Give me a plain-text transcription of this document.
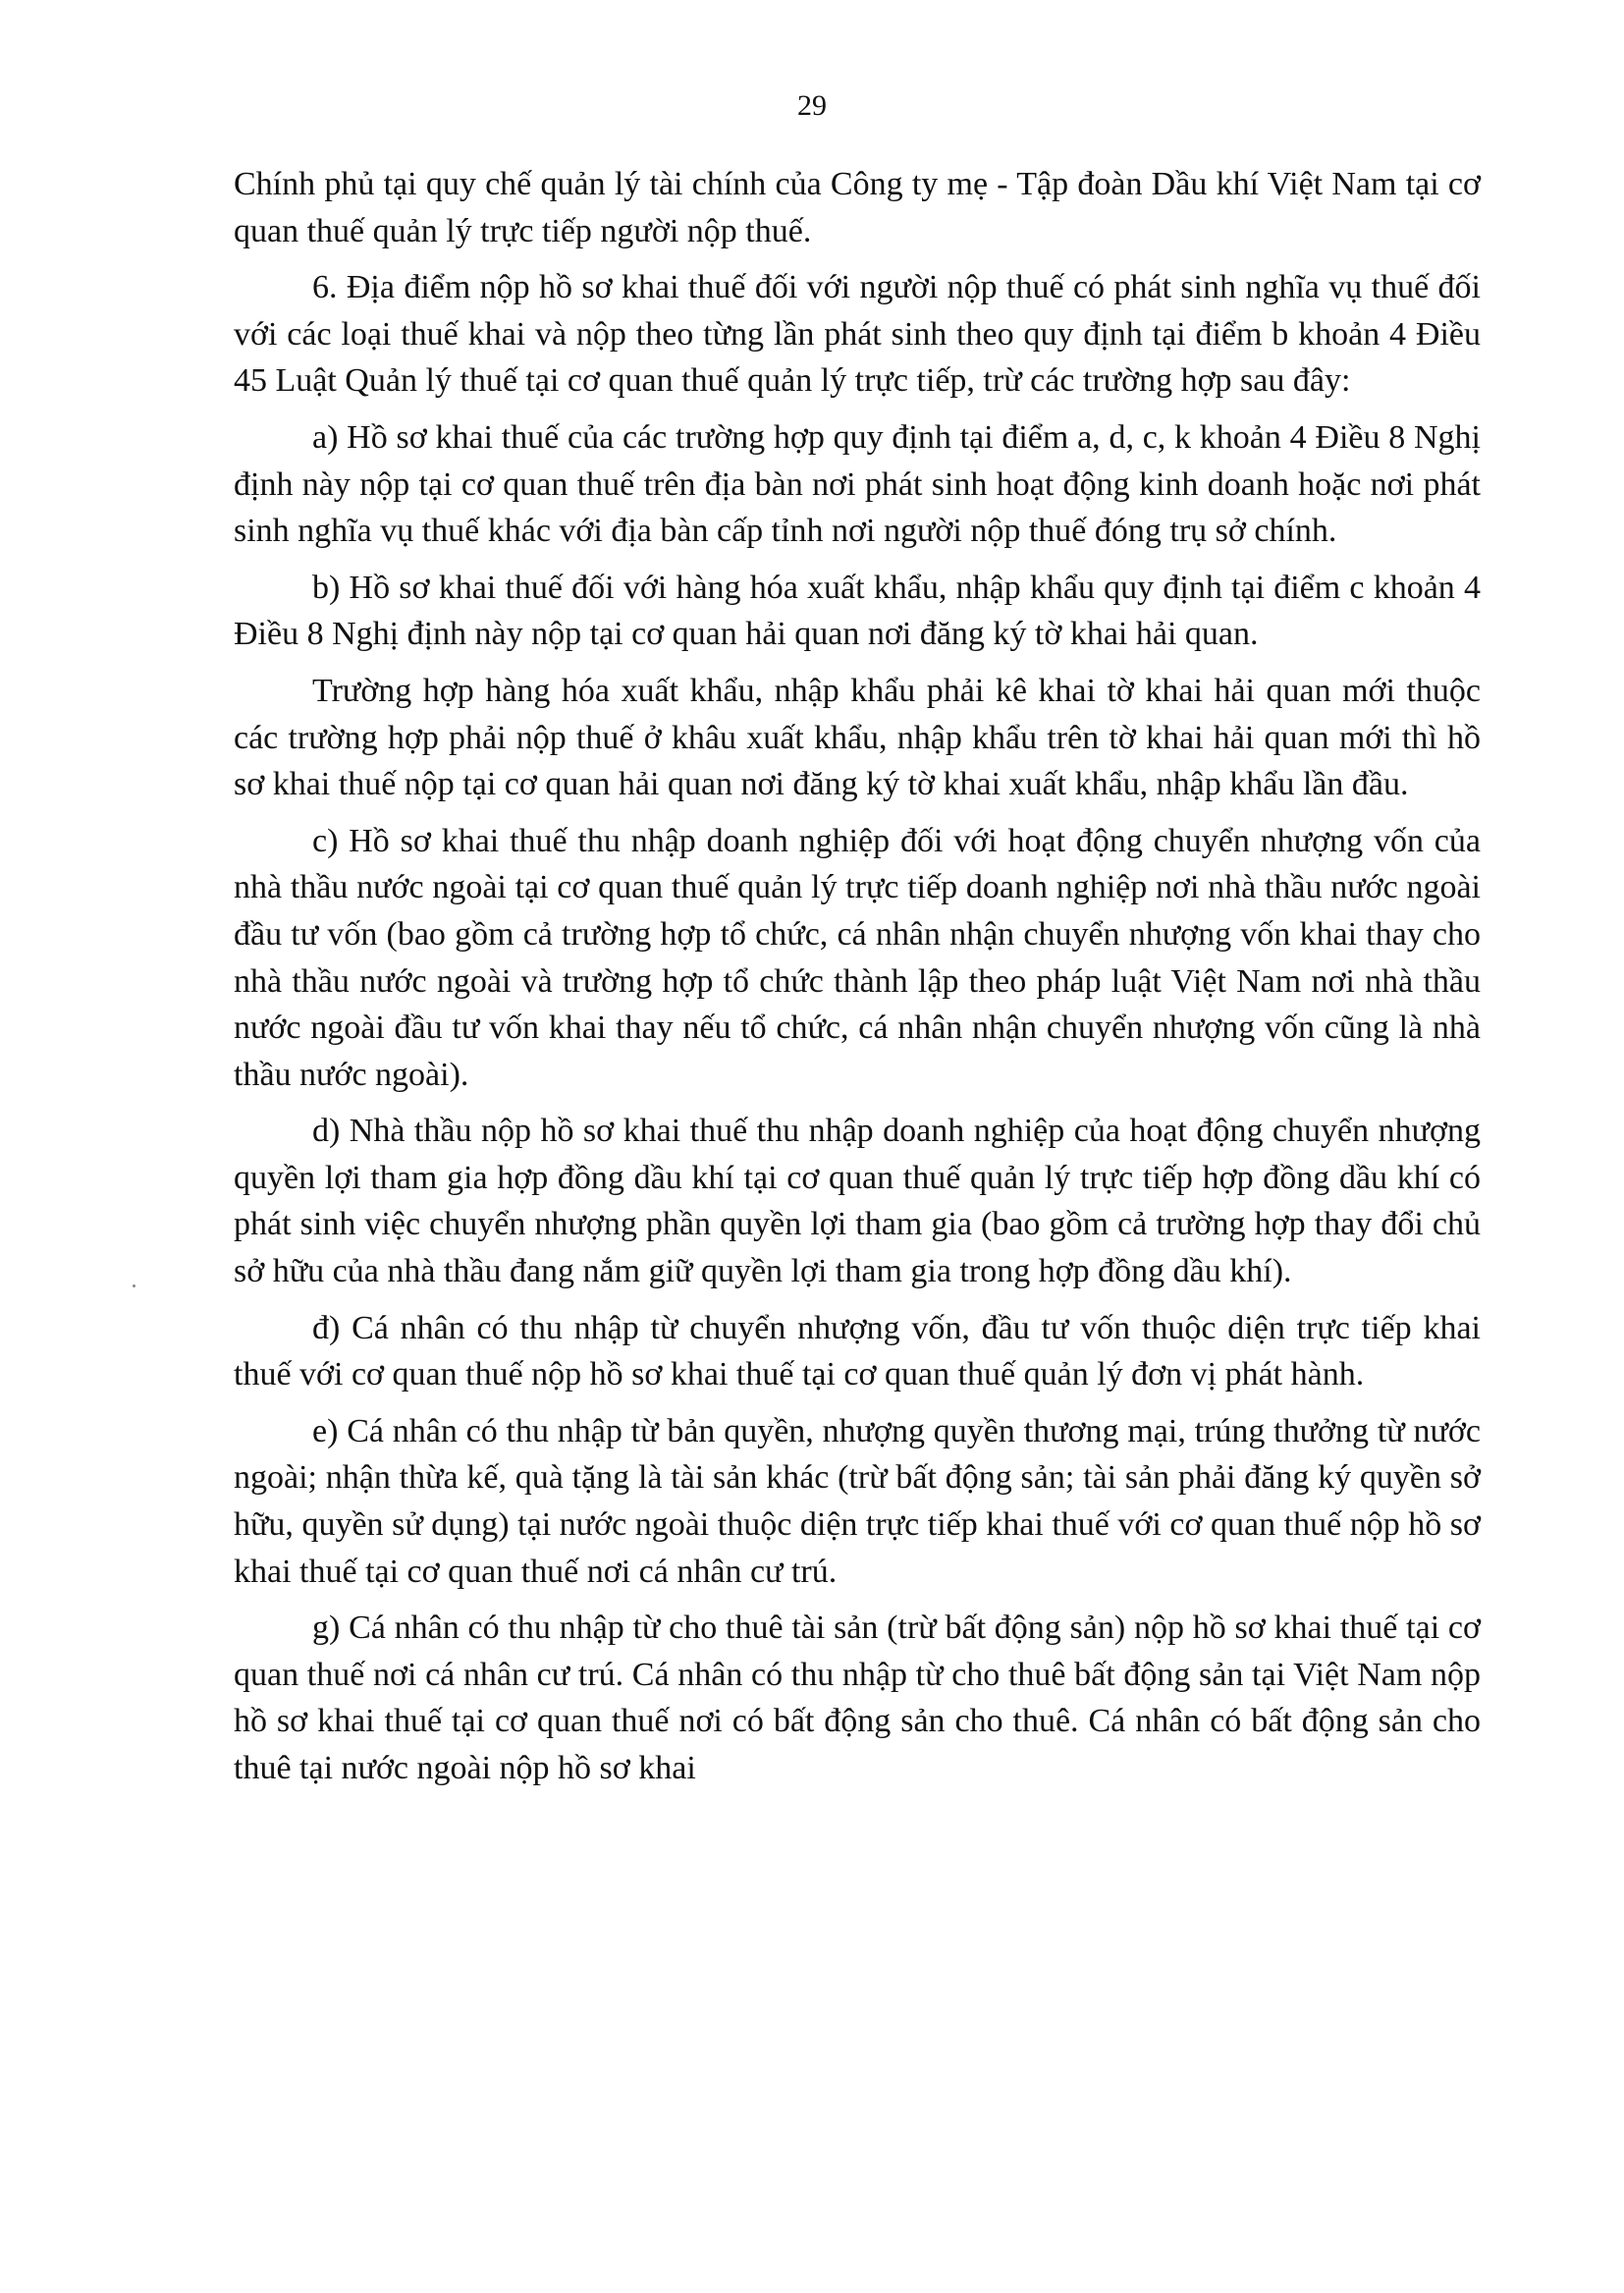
29

Chính phủ tại quy chế quản lý tài chính của Công ty mẹ - Tập đoàn Dầu khí Việt Nam tại cơ quan thuế quản lý trực tiếp người nộp thuế.

6. Địa điểm nộp hồ sơ khai thuế đối với người nộp thuế có phát sinh nghĩa vụ thuế đối với các loại thuế khai và nộp theo từng lần phát sinh theo quy định tại điểm b khoản 4 Điều 45 Luật Quản lý thuế tại cơ quan thuế quản lý trực tiếp, trừ các trường hợp sau đây:

a) Hồ sơ khai thuế của các trường hợp quy định tại điểm a, d, c, k khoản 4 Điều 8 Nghị định này nộp tại cơ quan thuế trên địa bàn nơi phát sinh hoạt động kinh doanh hoặc nơi phát sinh nghĩa vụ thuế khác với địa bàn cấp tỉnh nơi người nộp thuế đóng trụ sở chính.

b) Hồ sơ khai thuế đối với hàng hóa xuất khẩu, nhập khẩu quy định tại điểm c khoản 4 Điều 8 Nghị định này nộp tại cơ quan hải quan nơi đăng ký tờ khai hải quan.

Trường hợp hàng hóa xuất khẩu, nhập khẩu phải kê khai tờ khai hải quan mới thuộc các trường hợp phải nộp thuế ở khâu xuất khẩu, nhập khẩu trên tờ khai hải quan mới thì hồ sơ khai thuế nộp tại cơ quan hải quan nơi đăng ký tờ khai xuất khẩu, nhập khẩu lần đầu.

c) Hồ sơ khai thuế thu nhập doanh nghiệp đối với hoạt động chuyển nhượng vốn của nhà thầu nước ngoài tại cơ quan thuế quản lý trực tiếp doanh nghiệp nơi nhà thầu nước ngoài đầu tư vốn (bao gồm cả trường hợp tổ chức, cá nhân nhận chuyển nhượng vốn khai thay cho nhà thầu nước ngoài và trường hợp tổ chức thành lập theo pháp luật Việt Nam nơi nhà thầu nước ngoài đầu tư vốn khai thay nếu tổ chức, cá nhân nhận chuyển nhượng vốn cũng là nhà thầu nước ngoài).

d) Nhà thầu nộp hồ sơ khai thuế thu nhập doanh nghiệp của hoạt động chuyển nhượng quyền lợi tham gia hợp đồng dầu khí tại cơ quan thuế quản lý trực tiếp hợp đồng dầu khí có phát sinh việc chuyển nhượng phần quyền lợi tham gia (bao gồm cả trường hợp thay đổi chủ sở hữu của nhà thầu đang nắm giữ quyền lợi tham gia trong hợp đồng dầu khí).

đ) Cá nhân có thu nhập từ chuyển nhượng vốn, đầu tư vốn thuộc diện trực tiếp khai thuế với cơ quan thuế nộp hồ sơ khai thuế tại cơ quan thuế quản lý đơn vị phát hành.

e) Cá nhân có thu nhập từ bản quyền, nhượng quyền thương mại, trúng thưởng từ nước ngoài; nhận thừa kế, quà tặng là tài sản khác (trừ bất động sản; tài sản phải đăng ký quyền sở hữu, quyền sử dụng) tại nước ngoài thuộc diện trực tiếp khai thuế với cơ quan thuế nộp hồ sơ khai thuế tại cơ quan thuế nơi cá nhân cư trú.

g) Cá nhân có thu nhập từ cho thuê tài sản (trừ bất động sản) nộp hồ sơ khai thuế tại cơ quan thuế nơi cá nhân cư trú. Cá nhân có thu nhập từ cho thuê bất động sản tại Việt Nam nộp hồ sơ khai thuế tại cơ quan thuế nơi có bất động sản cho thuê. Cá nhân có bất động sản cho thuê tại nước ngoài nộp hồ sơ khai
